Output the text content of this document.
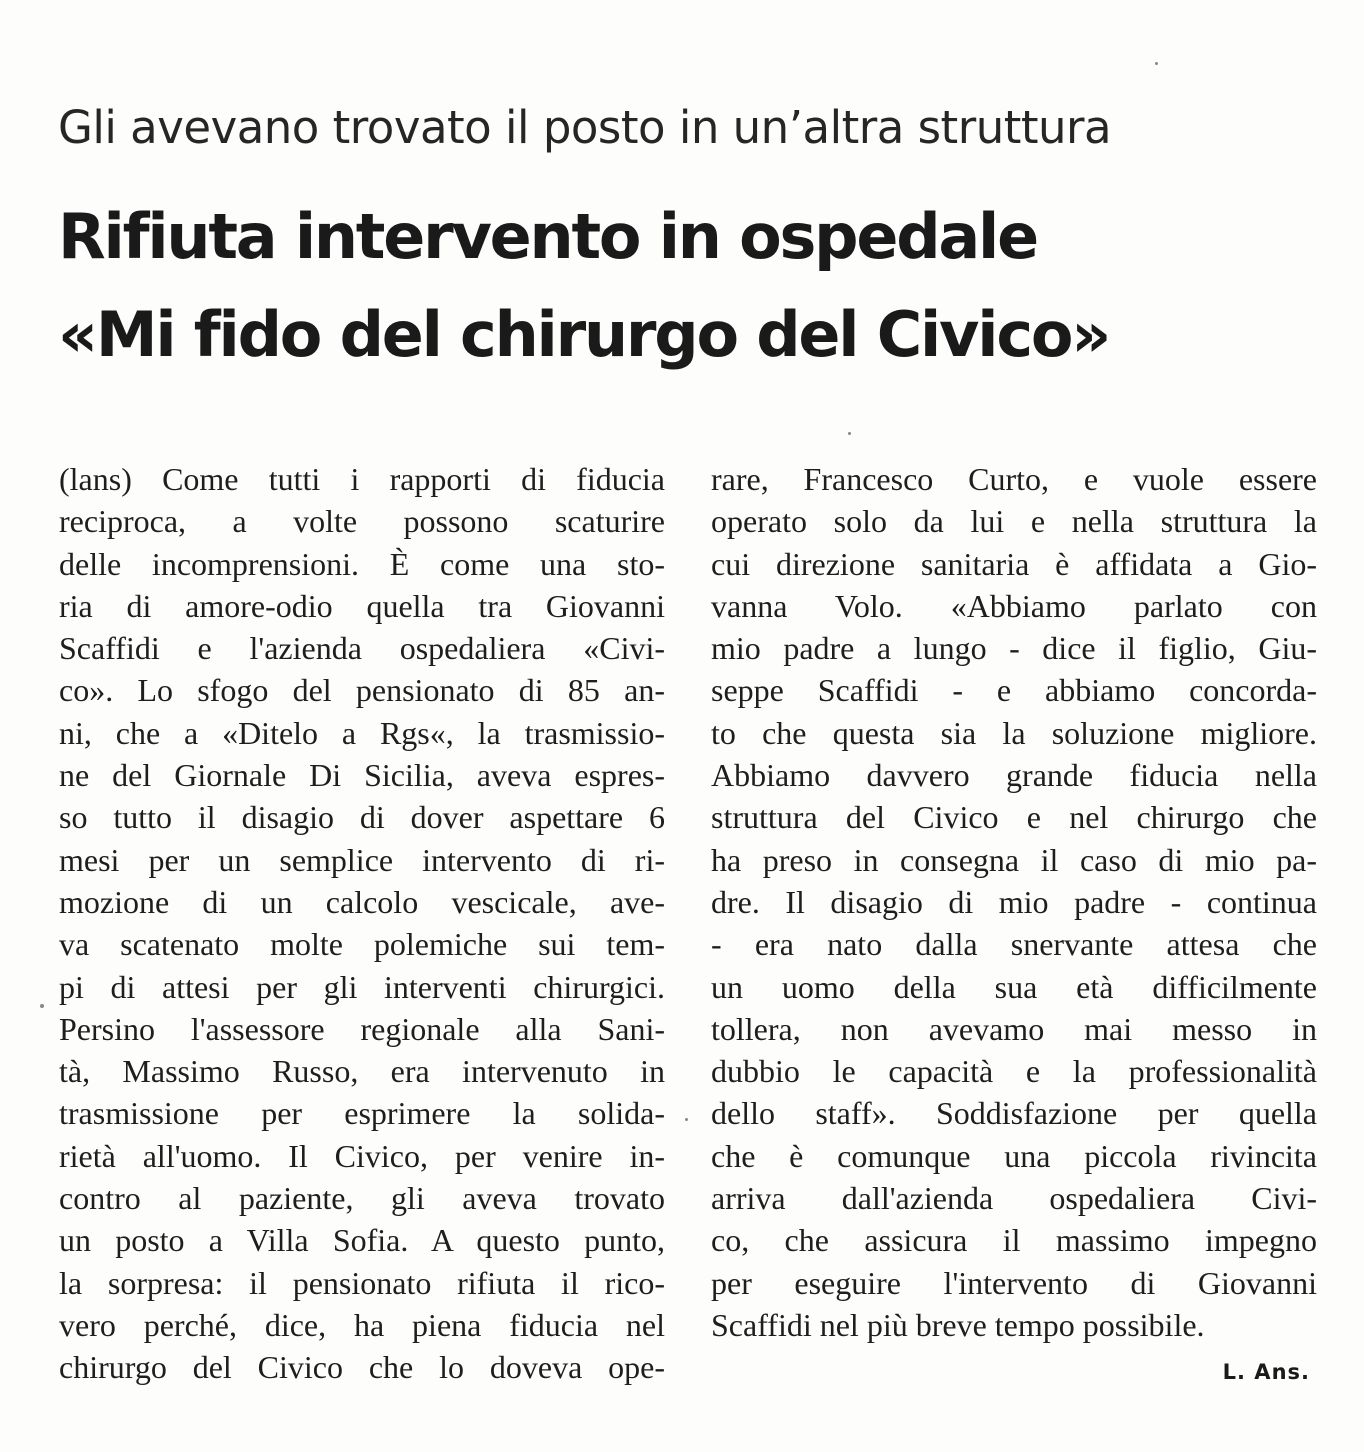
Gli avevano trovato il posto in un’altra struttura
Rifiuta intervento in ospedale
«Mi fido del chirurgo del Civico»
(lans) Come tutti i rapporti di fiducia
reciproca, a volte possono scaturire
delle incomprensioni. È come una sto-
ria di amore-odio quella tra Giovanni
Scaffidi e l'azienda ospedaliera «Civi-
co». Lo sfogo del pensionato di 85 an-
ni, che a «Ditelo a Rgs«, la trasmissio-
ne del Giornale Di Sicilia, aveva espres-
so tutto il disagio di dover aspettare 6
mesi per un semplice intervento di ri-
mozione di un calcolo vescicale, ave-
va scatenato molte polemiche sui tem-
pi di attesi per gli interventi chirurgici.
Persino l'assessore regionale alla Sani-
tà, Massimo Russo, era intervenuto in
trasmissione per esprimere la solida-
rietà all'uomo. Il Civico, per venire in-
contro al paziente, gli aveva trovato
un posto a Villa Sofia. A questo punto,
la sorpresa: il pensionato rifiuta il rico-
vero perché, dice, ha piena fiducia nel
chirurgo del Civico che lo doveva ope-
rare, Francesco Curto, e vuole essere
operato solo da lui e nella struttura la
cui direzione sanitaria è affidata a Gio-
vanna Volo. «Abbiamo parlato con
mio padre a lungo - dice il figlio, Giu-
seppe Scaffidi - e abbiamo concorda-
to che questa sia la soluzione migliore.
Abbiamo davvero grande fiducia nella
struttura del Civico e nel chirurgo che
ha preso in consegna il caso di mio pa-
dre. Il disagio di mio padre - continua
- era nato dalla snervante attesa che
un uomo della sua età difficilmente
tollera, non avevamo mai messo in
dubbio le capacità e la professionalità
dello staff». Soddisfazione per quella
che è comunque una piccola rivincita
arriva dall'azienda ospedaliera Civi-
co, che assicura il massimo impegno
per eseguire l'intervento di Giovanni
Scaffidi nel più breve tempo possibile.
L. Ans.
